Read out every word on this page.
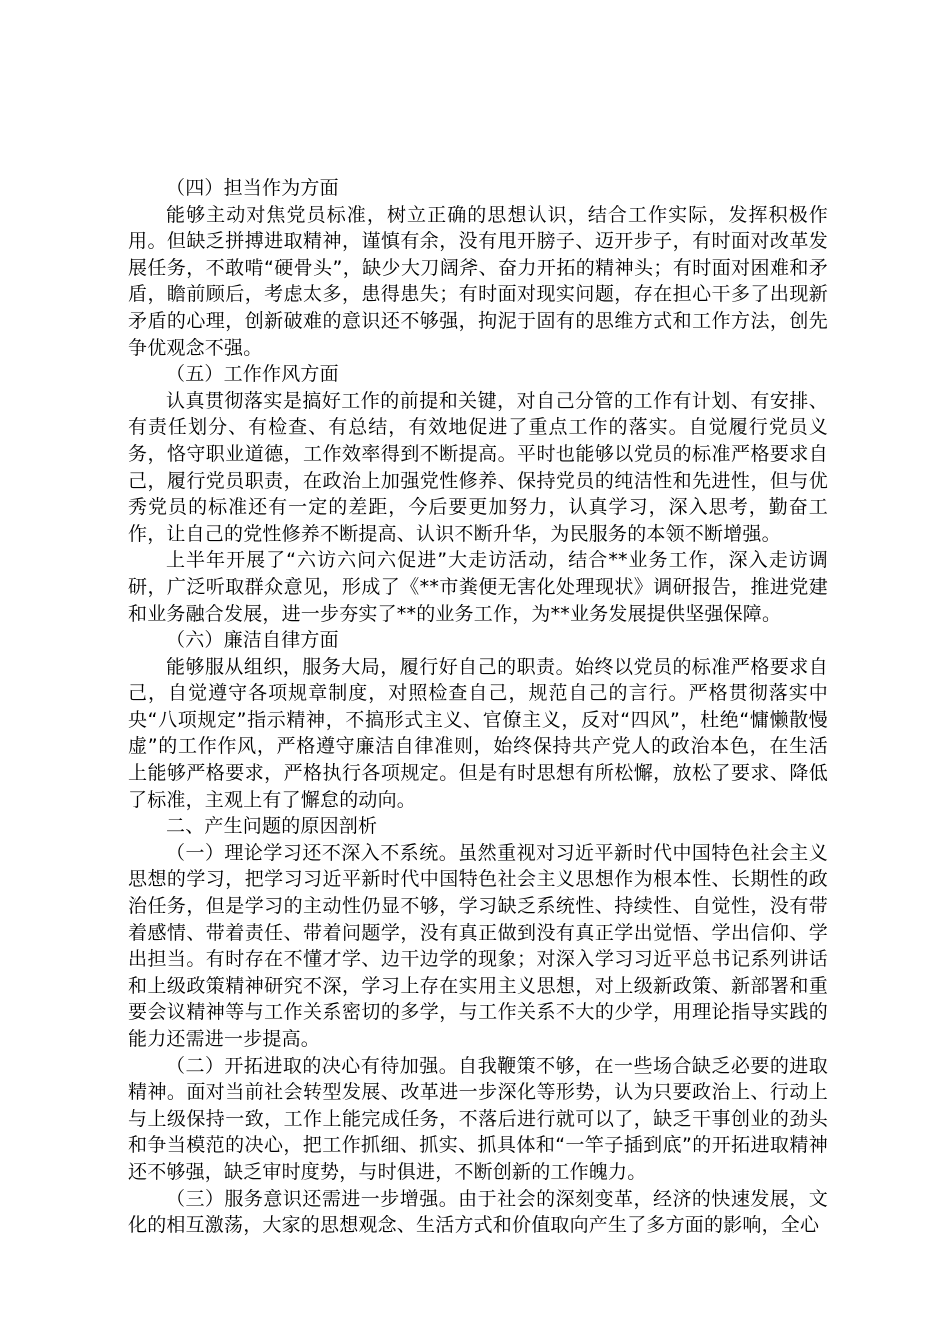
（四）担当作为方面

能够主动对焦党员标准，树立正确的思想认识，结合工作实际，发挥积极作用。但缺乏拼搏进取精神，谨慎有余，没有甩开膀子、迈开步子，有时面对改革发展任务，不敢啃“硬骨头”，缺少大刀阔斧、奋力开拓的精神头；有时面对困难和矛盾，瞻前顾后，考虑太多，患得患失；有时面对现实问题，存在担心干多了出现新矛盾的心理，创新破难的意识还不够强，拘泥于固有的思维方式和工作方法，创先争优观念不强。

（五）工作作风方面

认真贯彻落实是搞好工作的前提和关键，对自己分管的工作有计划、有安排、有责任划分、有检查、有总结，有效地促进了重点工作的落实。自觉履行党员义务，恪守职业道德，工作效率得到不断提高。平时也能够以党员的标准严格要求自己，履行党员职责，在政治上加强党性修养、保持党员的纯洁性和先进性，但与优秀党员的标准还有一定的差距，今后要更加努力，认真学习，深入思考，勤奋工作，让自己的党性修养不断提高、认识不断升华，为民服务的本领不断增强。

上半年开展了“六访六问六促进”大走访活动，结合**业务工作，深入走访调研，广泛听取群众意见，形成了《**市粪便无害化处理现状》调研报告，推进党建和业务融合发展，进一步夯实了**的业务工作，为**业务发展提供坚强保障。

（六）廉洁自律方面

能够服从组织，服务大局，履行好自己的职责。始终以党员的标准严格要求自己，自觉遵守各项规章制度，对照检查自己，规范自己的言行。严格贯彻落实中央“八项规定”指示精神，不搞形式主义、官僚主义，反对“四风”，杜绝“慵懒散慢虚”的工作作风，严格遵守廉洁自律准则，始终保持共产党人的政治本色，在生活上能够严格要求，严格执行各项规定。但是有时思想有所松懈，放松了要求、降低了标准，主观上有了懈怠的动向。

二、产生问题的原因剖析

（一）理论学习还不深入不系统。虽然重视对习近平新时代中国特色社会主义思想的学习，把学习习近平新时代中国特色社会主义思想作为根本性、长期性的政治任务，但是学习的主动性仍显不够，学习缺乏系统性、持续性、自觉性，没有带着感情、带着责任、带着问题学，没有真正做到没有真正学出觉悟、学出信仰、学出担当。有时存在不懂才学、边干边学的现象；对深入学习习近平总书记系列讲话和上级政策精神研究不深，学习上存在实用主义思想，对上级新政策、新部署和重要会议精神等与工作关系密切的多学，与工作关系不大的少学，用理论指导实践的能力还需进一步提高。

（二）开拓进取的决心有待加强。自我鞭策不够，在一些场合缺乏必要的进取精神。面对当前社会转型发展、改革进一步深化等形势，认为只要政治上、行动上与上级保持一致，工作上能完成任务，不落后进行就可以了，缺乏干事创业的劲头和争当模范的决心，把工作抓细、抓实、抓具体和“一竿子插到底”的开拓进取精神还不够强，缺乏审时度势，与时俱进，不断创新的工作魄力。

（三）服务意识还需进一步增强。由于社会的深刻变革，经济的快速发展，文化的相互激荡，大家的思想观念、生活方式和价值取向产生了多方面的影响，全心
